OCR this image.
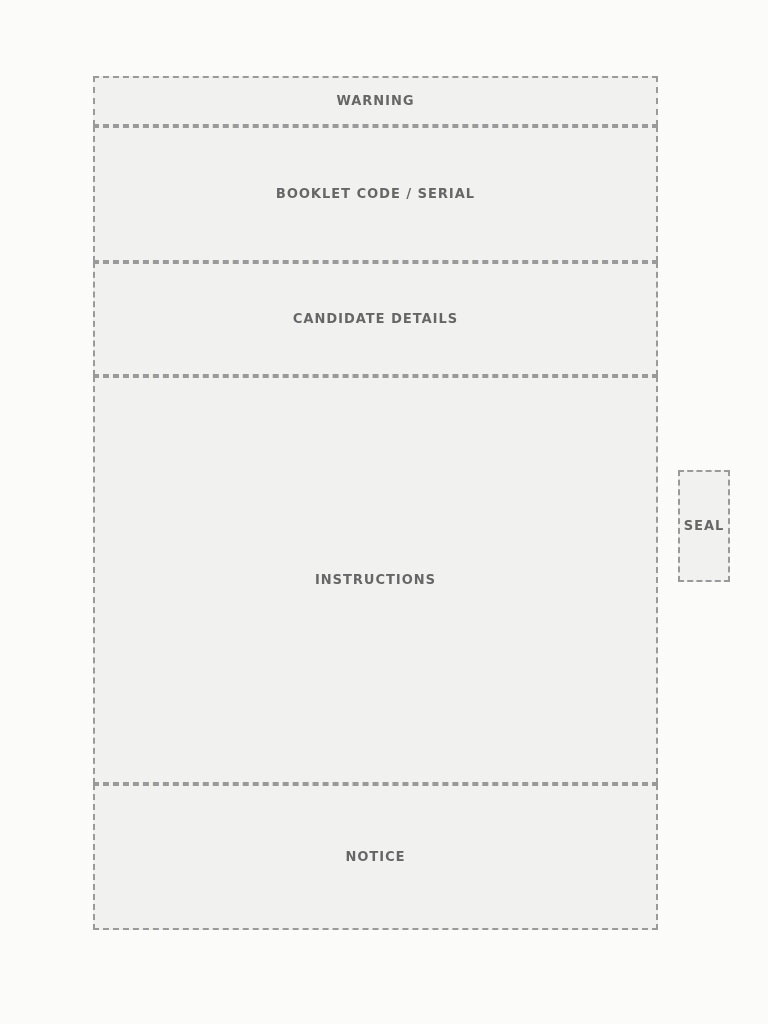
WARNING
BOOKLET CODE / SERIAL
CANDIDATE DETAILS
INSTRUCTIONS
NOTICE
SEAL
